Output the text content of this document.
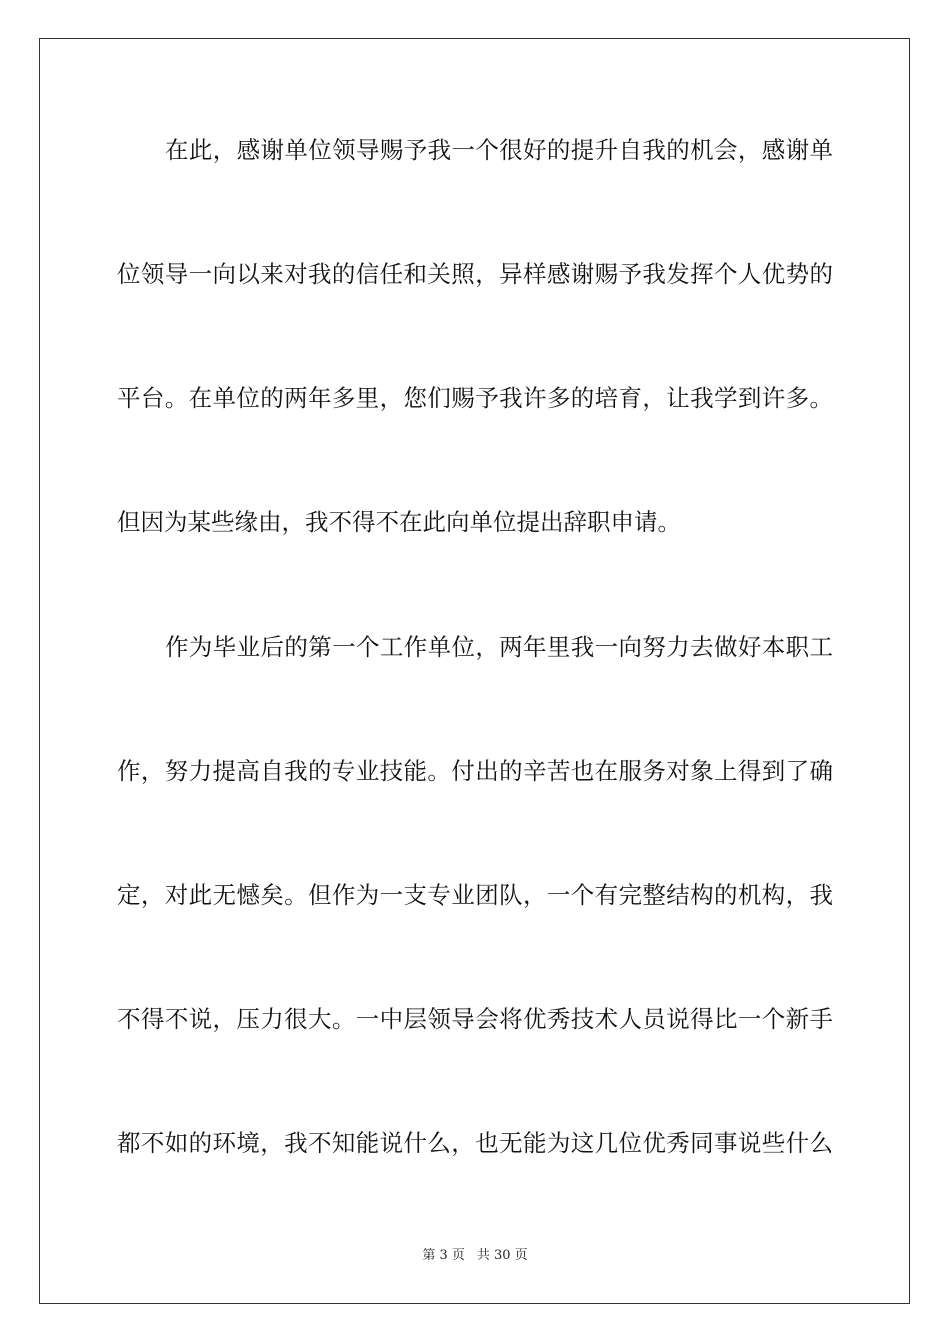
在此，感谢单位领导赐予我一个很好的提升自我的机会，感谢单
位领导一向以来对我的信任和关照，异样感谢赐予我发挥个人优势的
平台。在单位的两年多里，您们赐予我许多的培育，让我学到许多。
但因为某些缘由，我不得不在此向单位提出辞职申请。
作为毕业后的第一个工作单位，两年里我一向努力去做好本职工
作，努力提高自我的专业技能。付出的辛苦也在服务对象上得到了确
定，对此无憾矣。但作为一支专业团队，一个有完整结构的机构，我
不得不说，压力很大。一中层领导会将优秀技术人员说得比一个新手
都不如的环境，我不知能说什么，也无能为这几位优秀同事说些什么
第 3 页 共 30 页
